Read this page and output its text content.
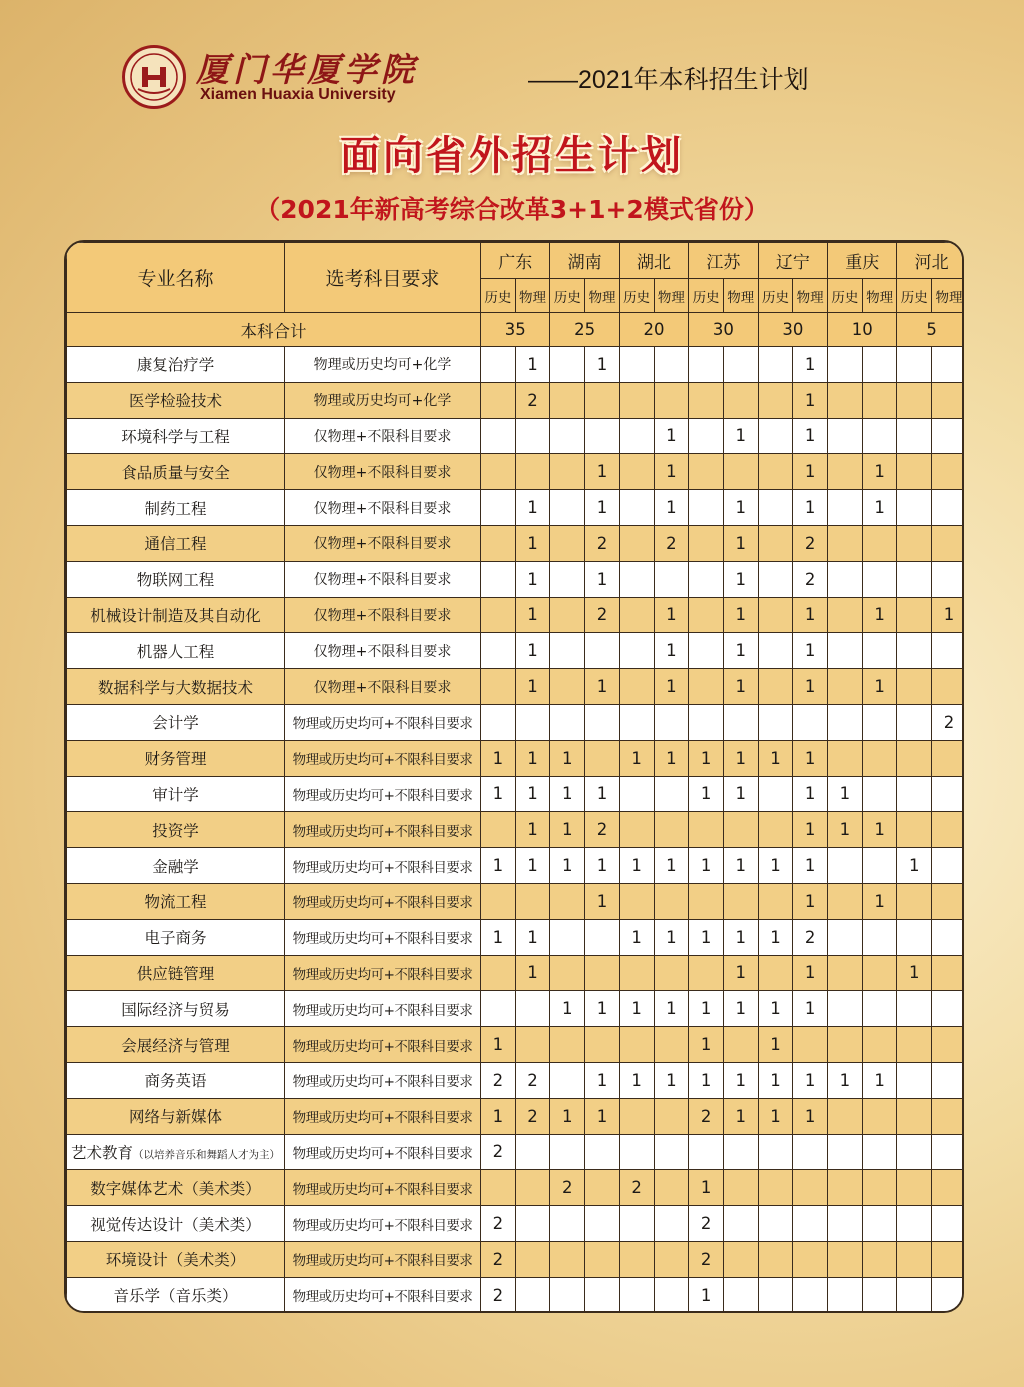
厦门华厦学院
Xiamen Huaxia University
——2021年本科招生计划
面向省外招生计划
（2021年新高考综合改革3+1+2模式省份）
专业名称	选考科目要求	广东		湖南		湖北		江苏		辽宁		重庆		河北	
		历史	物理	历史	物理	历史	物理	历史	物理	历史	物理	历史	物理	历史	物理
本科合计		35		25		20		30		30		10		5	
康复治疗学	物理或历史均可+化学		1		1						1				
医学检验技术	物理或历史均可+化学		2								1				
环境科学与工程	仅物理+不限科目要求						1		1		1				
食品质量与安全	仅物理+不限科目要求				1		1				1		1		
制药工程	仅物理+不限科目要求		1		1		1		1		1		1		
通信工程	仅物理+不限科目要求		1		2		2		1		2				
物联网工程	仅物理+不限科目要求		1		1				1		2				
机械设计制造及其自动化	仅物理+不限科目要求		1		2		1		1		1		1		1
机器人工程	仅物理+不限科目要求		1				1		1		1				
数据科学与大数据技术	仅物理+不限科目要求		1		1		1		1		1		1		
会计学	物理或历史均可+不限科目要求														2
财务管理	物理或历史均可+不限科目要求	1	1	1		1	1	1	1	1	1				
审计学	物理或历史均可+不限科目要求	1	1	1	1			1	1		1	1			
投资学	物理或历史均可+不限科目要求		1	1	2						1	1	1		
金融学	物理或历史均可+不限科目要求	1	1	1	1	1	1	1	1	1	1			1	
物流工程	物理或历史均可+不限科目要求				1						1		1		
电子商务	物理或历史均可+不限科目要求	1	1			1	1	1	1	1	2				
供应链管理	物理或历史均可+不限科目要求		1						1		1			1	
国际经济与贸易	物理或历史均可+不限科目要求			1	1	1	1	1	1	1	1				
会展经济与管理	物理或历史均可+不限科目要求	1						1		1					
商务英语	物理或历史均可+不限科目要求	2	2		1	1	1	1	1	1	1	1	1		
网络与新媒体	物理或历史均可+不限科目要求	1	2	1	1			2	1	1	1				
艺术教育（以培养音乐和舞蹈人才为主）	物理或历史均可+不限科目要求	2													
数字媒体艺术（美术类）	物理或历史均可+不限科目要求			2		2		1							
视觉传达设计（美术类）	物理或历史均可+不限科目要求	2						2							
环境设计（美术类）	物理或历史均可+不限科目要求	2						2							
音乐学（音乐类）	物理或历史均可+不限科目要求	2						1							
